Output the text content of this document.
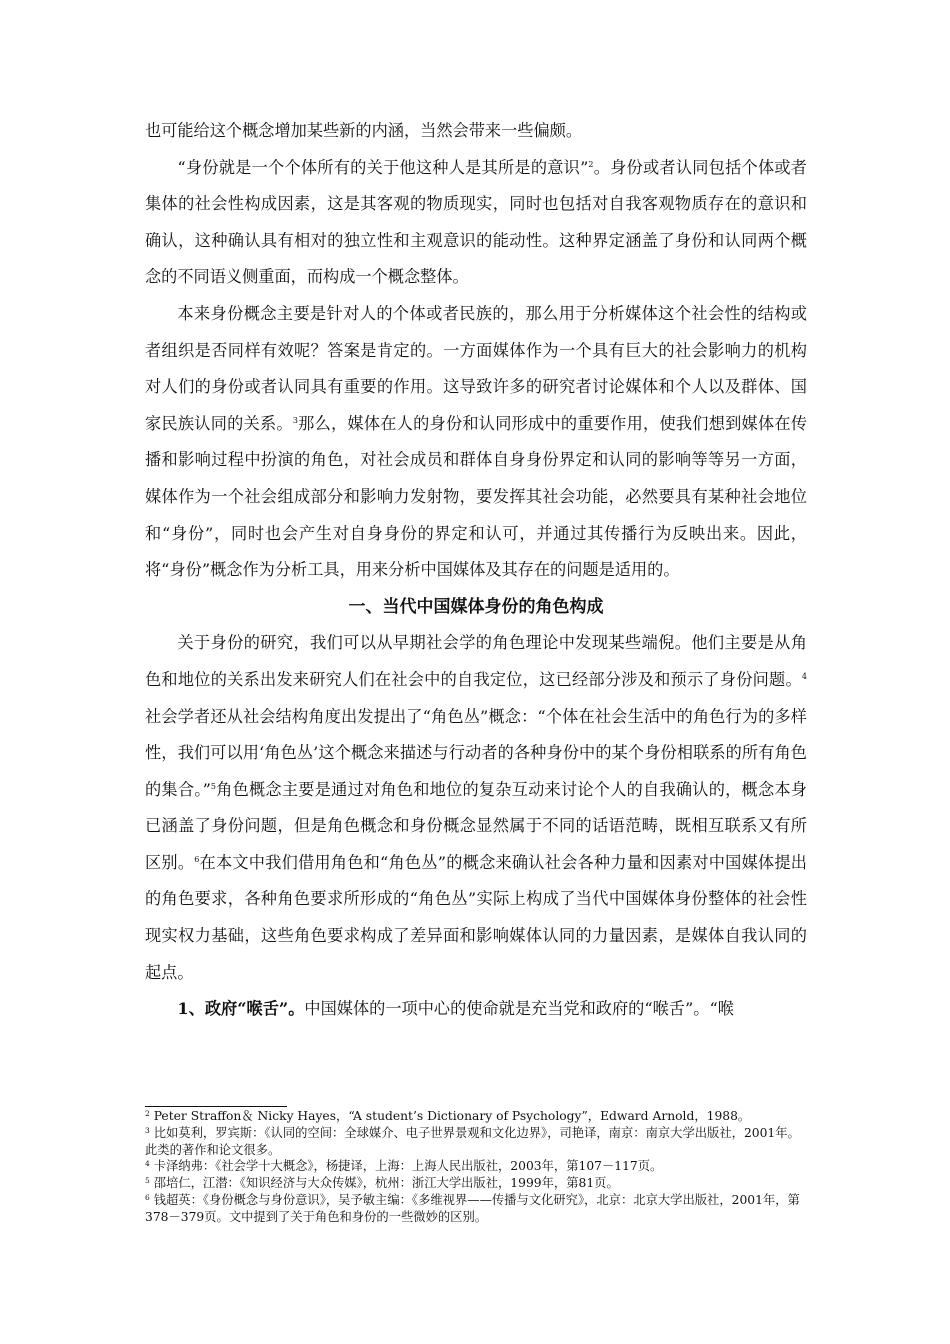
也可能给这个概念增加某些新的内涵，当然会带来一些偏颇。

“身份就是一个个体所有的关于他这种人是其所是的意识”$^2$。身份或者认同包括个体或者集体的社会性构成因素，这是其客观的物质现实，同时也包括对自我客观物质存在的意识和确认，这种确认具有相对的独立性和主观意识的能动性。这种界定涵盖了身份和认同两个概念的不同语义侧重面，而构成一个概念整体。

本来身份概念主要是针对人的个体或者民族的，那么用于分析媒体这个社会性的结构或者组织是否同样有效呢？答案是肯定的。一方面媒体作为一个具有巨大的社会影响力的机构对人们的身份或者认同具有重要的作用。这导致许多的研究者讨论媒体和个人以及群体、国家民族认同的关系。$^3$那么，媒体在人的身份和认同形成中的重要作用，使我们想到媒体在传播和影响过程中扮演的角色，对社会成员和群体自身身份界定和认同的影响等等另一方面，媒体作为一个社会组成部分和影响力发射物，要发挥其社会功能，必然要具有某种社会地位和“身份”，同时也会产生对自身身份的界定和认可，并通过其传播行为反映出来。因此，将“身份”概念作为分析工具，用来分析中国媒体及其存在的问题是适用的。

一、当代中国媒体身份的角色构成

关于身份的研究，我们可以从早期社会学的角色理论中发现某些端倪。他们主要是从角色和地位的关系出发来研究人们在社会中的自我定位，这已经部分涉及和预示了身份问题。$^4$社会学者还从社会结构角度出发提出了“角色丛”概念：“个体在社会生活中的角色行为的多样性，我们可以用‘角色丛’这个概念来描述与行动者的各种身份中的某个身份相联系的所有角色的集合。”$^5$角色概念主要是通过对角色和地位的复杂互动来讨论个人的自我确认的，概念本身已涵盖了身份问题，但是角色概念和身份概念显然属于不同的话语范畴，既相互联系又有所区别。$^6$在本文中我们借用角色和“角色丛”的概念来确认社会各种力量和因素对中国媒体提出的角色要求，各种角色要求所形成的“角色丛”实际上构成了当代中国媒体身份整体的社会性现实权力基础，这些角色要求构成了差异面和影响媒体认同的力量因素，是媒体自我认同的起点。

1、政府“喉舌”。中国媒体的一项中心的使命就是充当党和政府的“喉舌”。“喉

$^2$ Peter Straffon＆ Nicky Hayes，“A student’s Dictionary of Psychology”，Edward Arnold，1988。

$^3$ 比如莫利，罗宾斯：《认同的空间：全球媒介、电子世界景观和文化边界》，司艳译，南京：南京大学出版社，2001年。此类的著作和论文很多。

$^4$ 卡泽纳弗：《社会学十大概念》，杨捷译，上海：上海人民出版社，2003年，第107－117页。

$^5$ 邵培仁，江潜：《知识经济与大众传媒》，杭州：浙江大学出版社，1999年，第81页。

$^6$ 钱超英：《身份概念与身份意识》，吴予敏主编：《多维视界——传播与文化研究》，北京：北京大学出版社，2001年，第378－379页。文中提到了关于角色和身份的一些微妙的区别。
